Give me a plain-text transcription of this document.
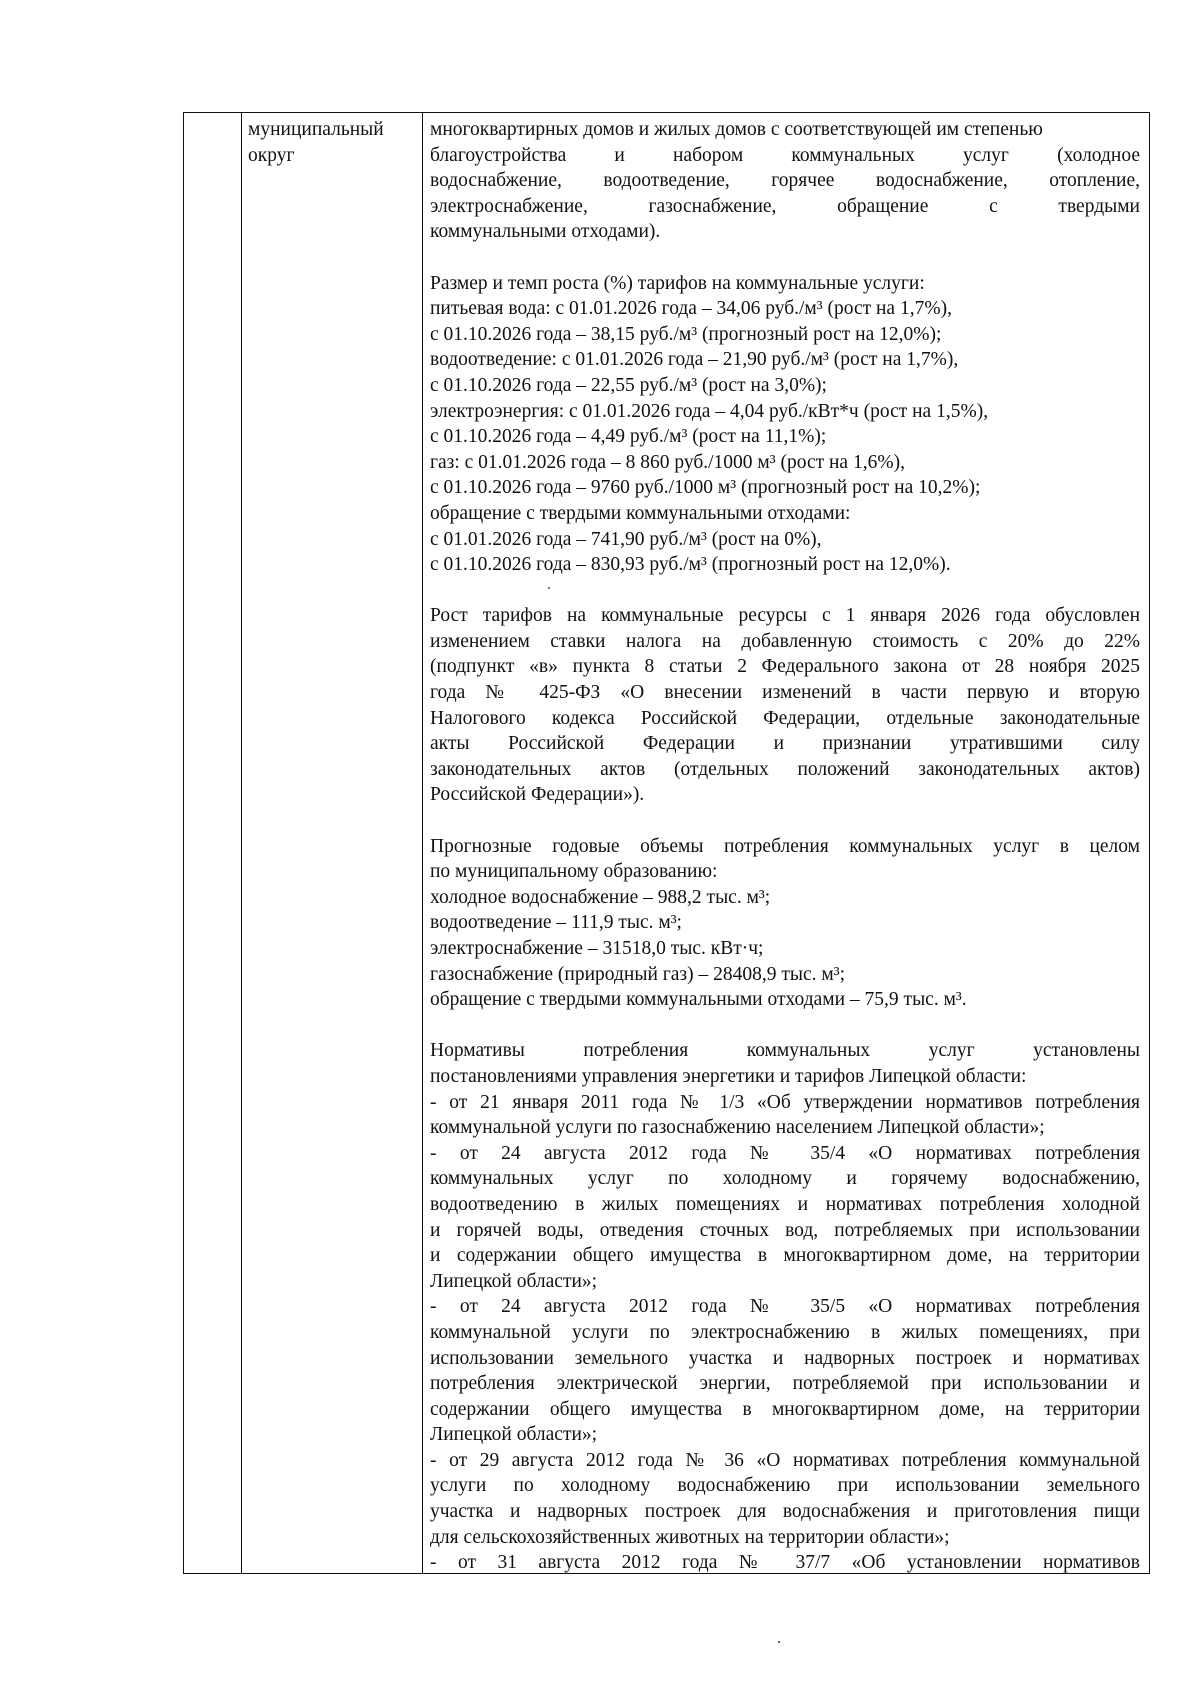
муниципальный
округ
многоквартирных домов и жилых домов с соответствующей им степенью
благоустройства и набором коммунальных услуг (холодное
водоснабжение, водоотведение, горячее водоснабжение, отопление,
электроснабжение, газоснабжение, обращение с твердыми
коммунальными отходами).
Размер и темп роста (%) тарифов на коммунальные услуги:
питьевая вода: с 01.01.2026 года – 34,06 руб./м³ (рост на 1,7%),
с 01.10.2026 года – 38,15 руб./м³ (прогнозный рост на 12,0%);
водоотведение: с 01.01.2026 года – 21,90 руб./м³ (рост на 1,7%),
с 01.10.2026 года – 22,55 руб./м³ (рост на 3,0%);
электроэнергия: с 01.01.2026 года – 4,04 руб./кВт*ч (рост на 1,5%),
с 01.10.2026 года – 4,49 руб./м³ (рост на 11,1%);
газ: с 01.01.2026 года – 8 860 руб./1000 м³ (рост на 1,6%),
с 01.10.2026 года – 9760 руб./1000 м³ (прогнозный рост на 10,2%);
обращение с твердыми коммунальными отходами:
с 01.01.2026 года – 741,90 руб./м³ (рост на 0%),
с 01.10.2026 года – 830,93 руб./м³ (прогнозный рост на 12,0%).
Рост тарифов на коммунальные ресурсы с 1 января 2026 года обусловлен
изменением ставки налога на добавленную стоимость с 20% до 22%
(подпункт «в» пункта 8 статьи 2 Федерального закона от 28 ноября 2025
года № 425-ФЗ «О внесении изменений в части первую и вторую
Налогового кодекса Российской Федерации, отдельные законодательные
акты Российской Федерации и признании утратившими силу
законодательных актов (отдельных положений законодательных актов)
Российской Федерации»).
Прогнозные годовые объемы потребления коммунальных услуг в целом
по муниципальному образованию:
холодное водоснабжение – 988,2 тыс. м³;
водоотведение – 111,9 тыс. м³;
электроснабжение – 31518,0 тыс. кВт·ч;
газоснабжение (природный газ) – 28408,9 тыс. м³;
обращение с твердыми коммунальными отходами – 75,9 тыс. м³.
Нормативы потребления коммунальных услуг установлены
постановлениями управления энергетики и тарифов Липецкой области:
- от 21 января 2011 года № 1/3 «Об утверждении нормативов потребления
коммунальной услуги по газоснабжению населением Липецкой области»;
- от 24 августа 2012 года № 35/4 «О нормативах потребления
коммунальных услуг по холодному и горячему водоснабжению,
водоотведению в жилых помещениях и нормативах потребления холодной
и горячей воды, отведения сточных вод, потребляемых при использовании
и содержании общего имущества в многоквартирном доме, на территории
Липецкой области»;
- от 24 августа 2012 года № 35/5 «О нормативах потребления
коммунальной услуги по электроснабжению в жилых помещениях, при
использовании земельного участка и надворных построек и нормативах
потребления электрической энергии, потребляемой при использовании и
содержании общего имущества в многоквартирном доме, на территории
Липецкой области»;
- от 29 августа 2012 года № 36 «О нормативах потребления коммунальной
услуги по холодному водоснабжению при использовании земельного
участка и надворных построек для водоснабжения и приготовления пищи
для сельскохозяйственных животных на территории области»;
- от 31 августа 2012 года № 37/7 «Об установлении нормативов
